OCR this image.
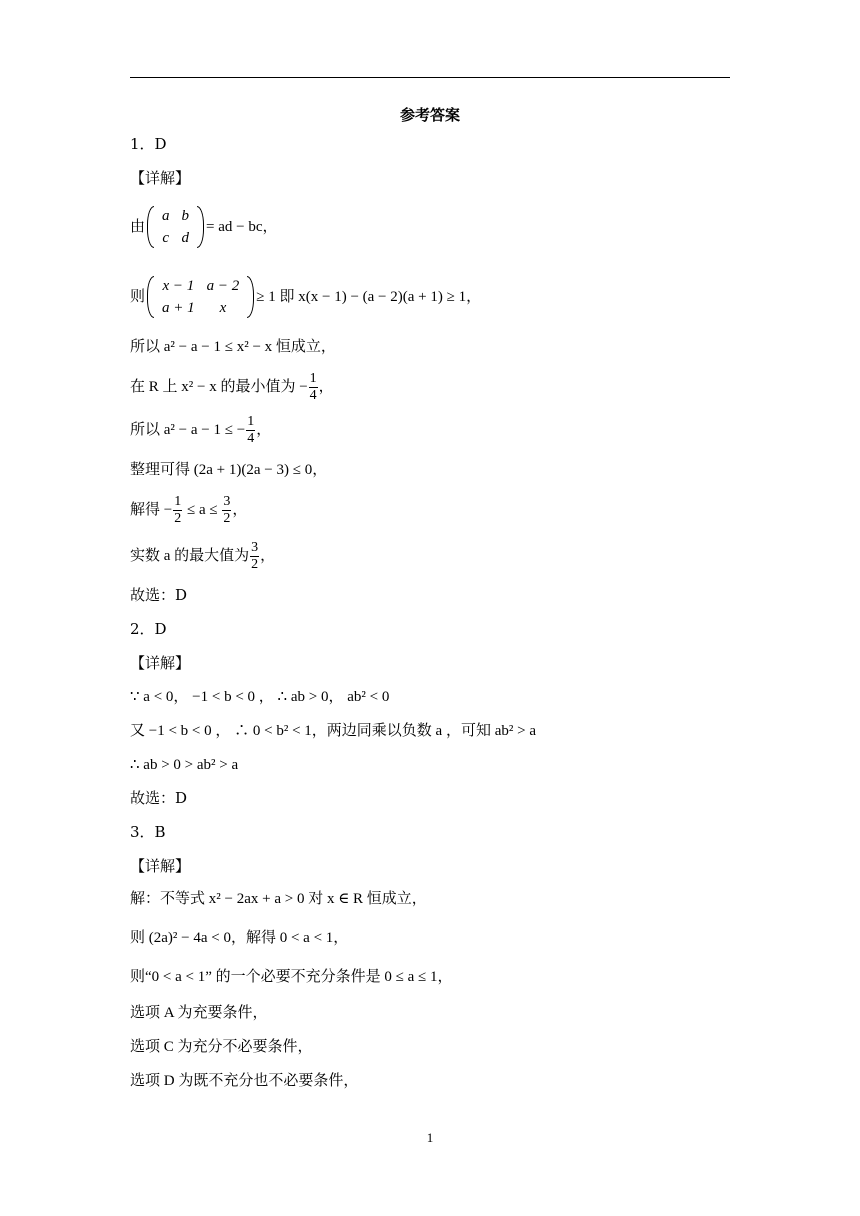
参考答案
1．D
【详解】
由
a	b
c	d
= ad − bc，
则
x − 1	a − 2
a + 1	x
≥ 1 即 x(x − 1) − (a − 2)(a + 1) ≥ 1，
所以 a² − a − 1 ≤ x² − x 恒成立，
在 R 上 x² − x 的最小值为 − $\frac{1}{4}$ ，
所以 a² − a − 1 ≤ − $\frac{1}{4}$ ，
整理可得 (2a + 1)(2a − 3) ≤ 0，
解得 − $\frac{1}{2} \le a \le \frac{3}{2}$ ，
实数 a 的最大值为 $\frac{3}{2}$ ，
故选：D
2．D
【详解】
∵ a < 0， −1 < b < 0 ， ∴ ab > 0， ab² < 0
又 −1 < b < 0 ， ∴ 0 < b² < 1，两边同乘以负数 a ，可知 ab² > a
∴ ab > 0 > ab² > a
故选：D
3．B
【详解】
解：不等式 x² − 2ax + a > 0 对 x ∈ R 恒成立，
则 (2a)² − 4a < 0，解得 0 < a < 1，
则“0 < a < 1” 的一个必要不充分条件是 0 ≤ a ≤ 1，
选项 A 为充要条件，
选项 C 为充分不必要条件，
选项 D 为既不充分也不必要条件，
1
